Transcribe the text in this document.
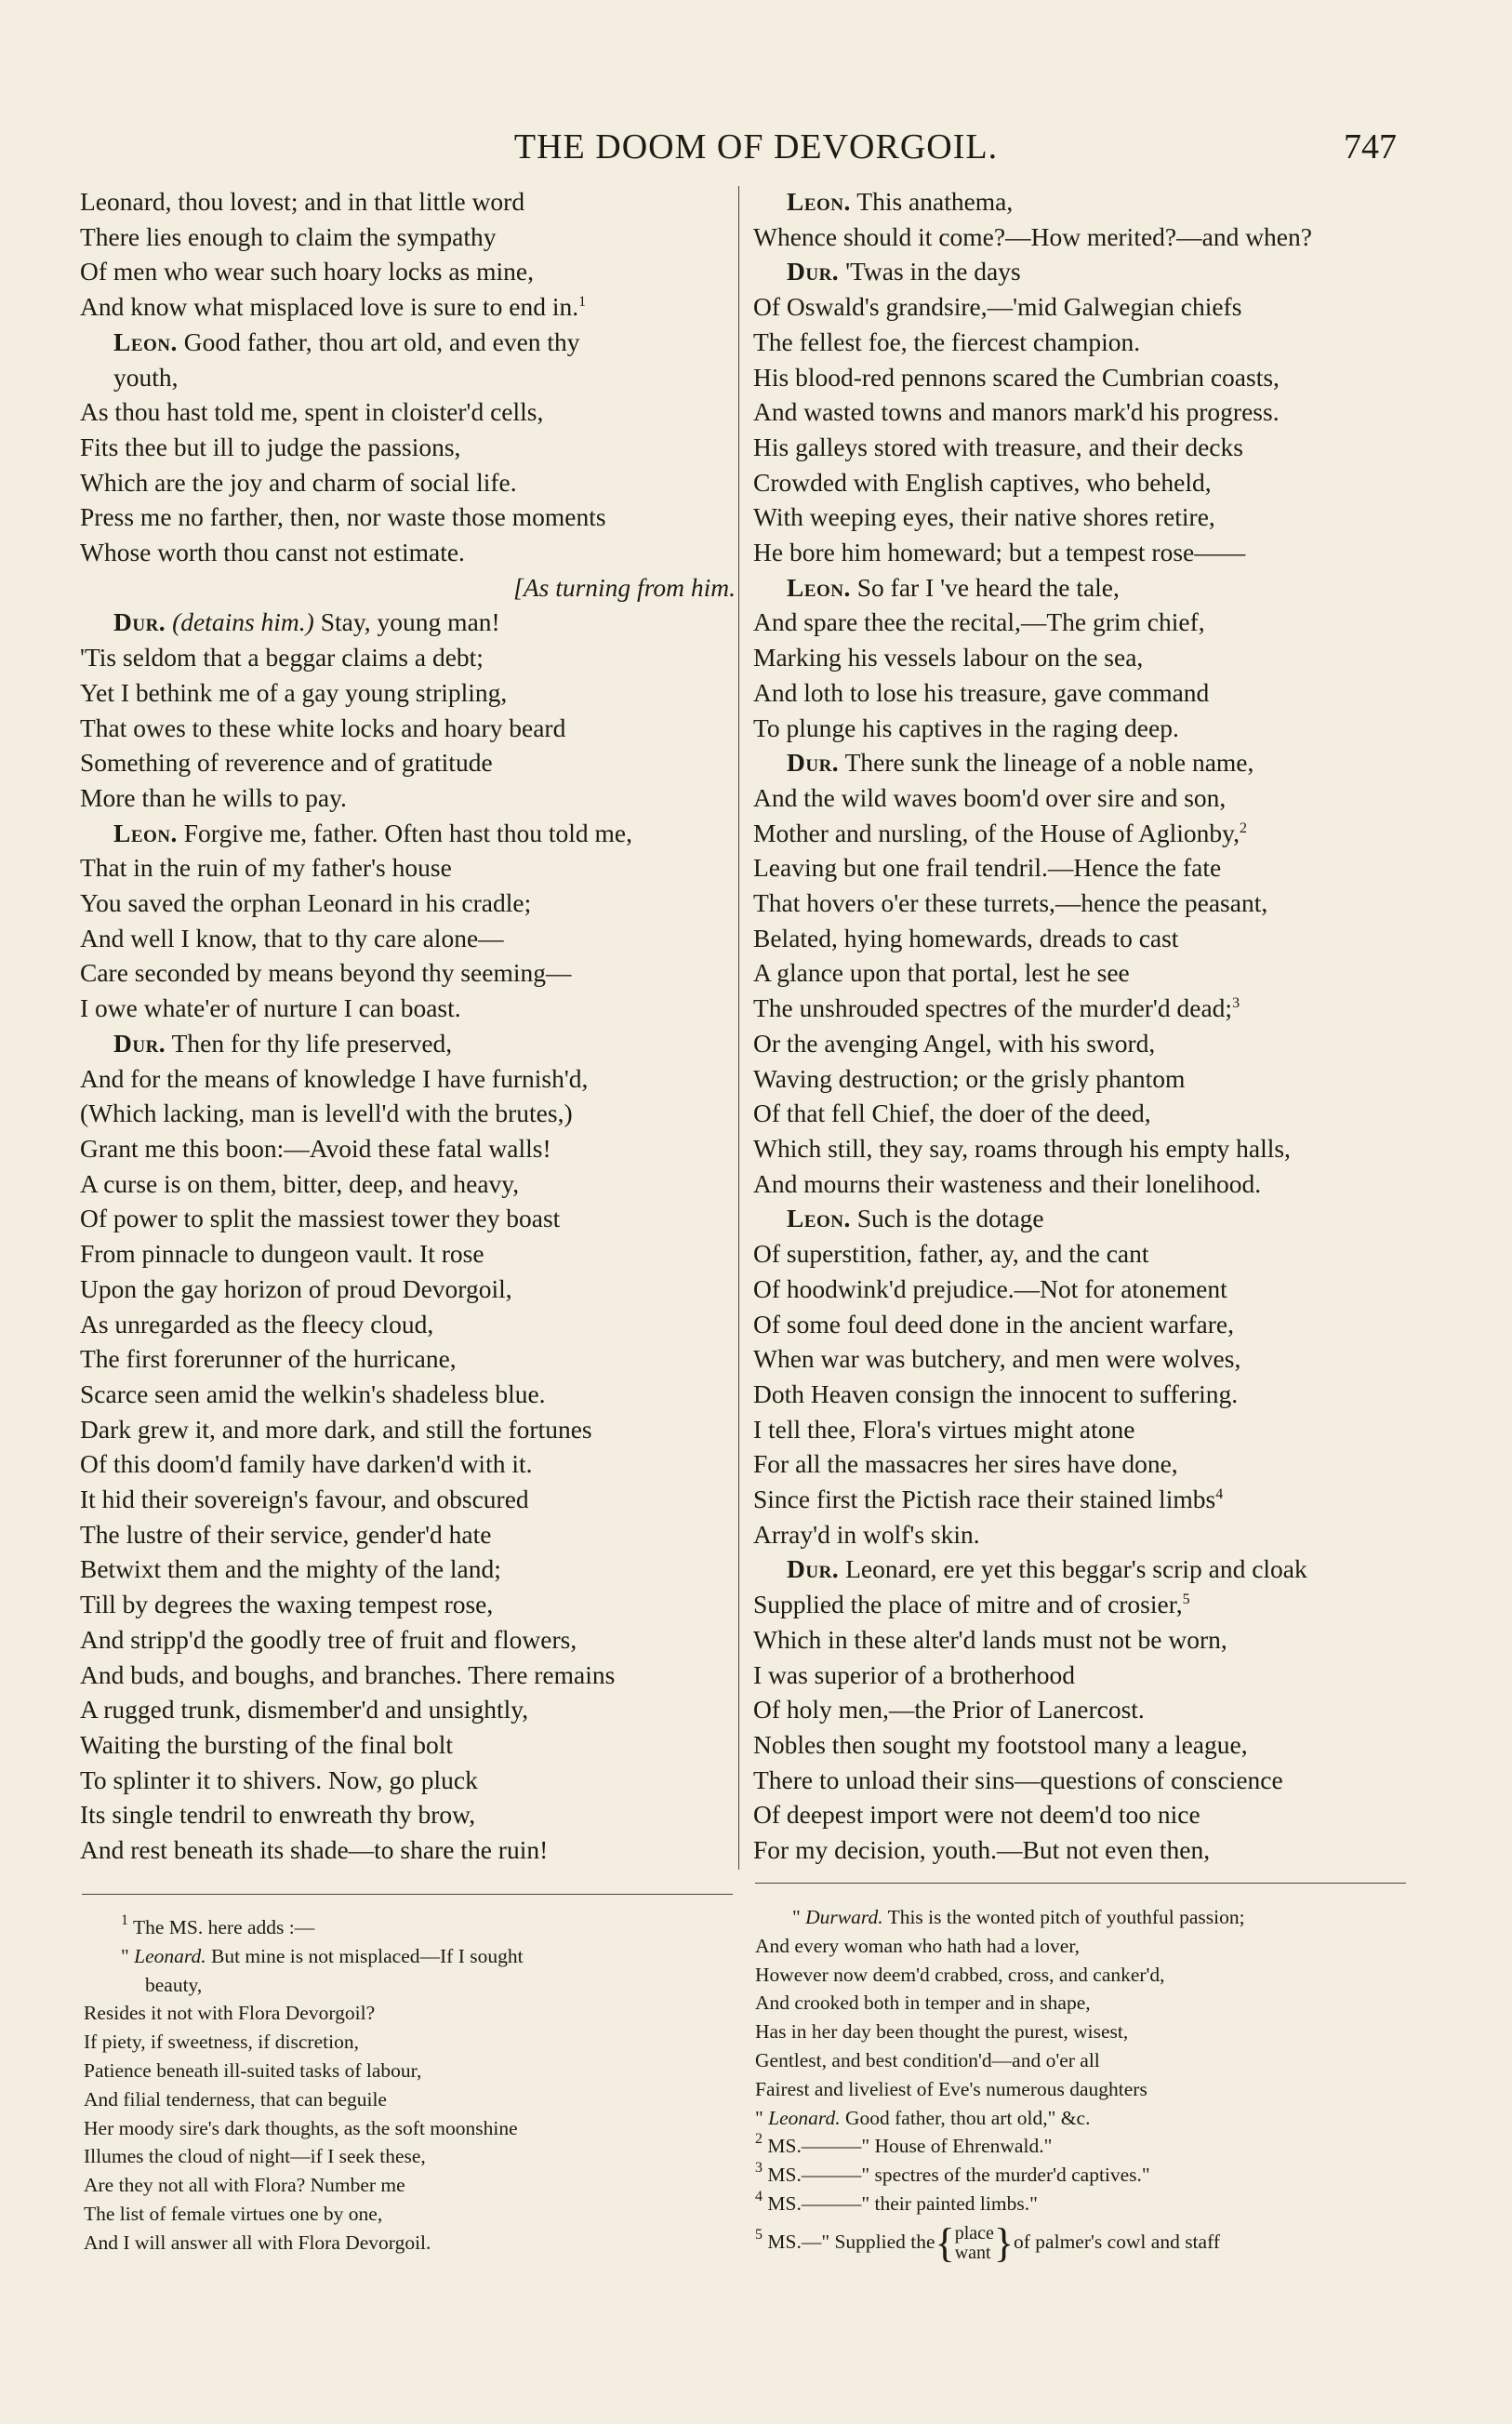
THE DOOM OF DEVORGOIL.	747
Leonard, thou lovest; and in that little word
There lies enough to claim the sympathy
Of men who wear such hoary locks as mine,
And know what misplaced love is sure to end in.$^1$
Leon. Good father, thou art old, and even thy
youth,
As thou hast told me, spent in cloister'd cells,
Fits thee but ill to judge the passions,
Which are the joy and charm of social life.
Press me no farther, then, nor waste those moments
Whose worth thou canst not estimate.
[As turning from him.
Dur. (detains him.) Stay, young man!
'Tis seldom that a beggar claims a debt;
Yet I bethink me of a gay young stripling,
That owes to these white locks and hoary beard
Something of reverence and of gratitude
More than he wills to pay.
Leon. Forgive me, father. Often hast thou told me,
That in the ruin of my father's house
You saved the orphan Leonard in his cradle;
And well I know, that to thy care alone—
Care seconded by means beyond thy seeming—
I owe whate'er of nurture I can boast.
Dur. Then for thy life preserved,
And for the means of knowledge I have furnish'd,
(Which lacking, man is levell'd with the brutes,)
Grant me this boon:—Avoid these fatal walls!
A curse is on them, bitter, deep, and heavy,
Of power to split the massiest tower they boast
From pinnacle to dungeon vault. It rose
Upon the gay horizon of proud Devorgoil,
As unregarded as the fleecy cloud,
The first forerunner of the hurricane,
Scarce seen amid the welkin's shadeless blue.
Dark grew it, and more dark, and still the fortunes
Of this doom'd family have darken'd with it.
It hid their sovereign's favour, and obscured
The lustre of their service, gender'd hate
Betwixt them and the mighty of the land;
Till by degrees the waxing tempest rose,
And stripp'd the goodly tree of fruit and flowers,
And buds, and boughs, and branches. There remains
A rugged trunk, dismember'd and unsightly,
Waiting the bursting of the final bolt
To splinter it to shivers. Now, go pluck
Its single tendril to enwreath thy brow,
And rest beneath its shade—to share the ruin!
Leon. This anathema,
Whence should it come?—How merited?—and when?
Dur. 'Twas in the days
Of Oswald's grandsire,—'mid Galwegian chiefs
The fellest foe, the fiercest champion.
His blood-red pennons scared the Cumbrian coasts,
And wasted towns and manors mark'd his progress.
His galleys stored with treasure, and their decks
Crowded with English captives, who beheld,
With weeping eyes, their native shores retire,
He bore him homeward; but a tempest rose——
Leon. So far I 've heard the tale,
And spare thee the recital,—The grim chief,
Marking his vessels labour on the sea,
And loth to lose his treasure, gave command
To plunge his captives in the raging deep.
Dur. There sunk the lineage of a noble name,
And the wild waves boom'd over sire and son,
Mother and nursling, of the House of Aglionby,$^2$
Leaving but one frail tendril.—Hence the fate
That hovers o'er these turrets,—hence the peasant,
Belated, hying homewards, dreads to cast
A glance upon that portal, lest he see
The unshrouded spectres of the murder'd dead;$^3$
Or the avenging Angel, with his sword,
Waving destruction; or the grisly phantom
Of that fell Chief, the doer of the deed,
Which still, they say, roams through his empty halls,
And mourns their wasteness and their lonelihood.
Leon. Such is the dotage
Of superstition, father, ay, and the cant
Of hoodwink'd prejudice.—Not for atonement
Of some foul deed done in the ancient warfare,
When war was butchery, and men were wolves,
Doth Heaven consign the innocent to suffering.
I tell thee, Flora's virtues might atone
For all the massacres her sires have done,
Since first the Pictish race their stained limbs$^4$
Array'd in wolf's skin.
Dur. Leonard, ere yet this beggar's scrip and cloak
Supplied the place of mitre and of crosier,$^5$
Which in these alter'd lands must not be worn,
I was superior of a brotherhood
Of holy men,—the Prior of Lanercost.
Nobles then sought my footstool many a league,
There to unload their sins—questions of conscience
Of deepest import were not deem'd too nice
For my decision, youth.—But not even then,
$^1$ The MS. here adds :—
" Leonard. But mine is not misplaced—If I sought
beauty,
Resides it not with Flora Devorgoil?
If piety, if sweetness, if discretion,
Patience beneath ill-suited tasks of labour,
And filial tenderness, that can beguile
Her moody sire's dark thoughts, as the soft moonshine
Illumes the cloud of night—if I seek these,
Are they not all with Flora? Number me
The list of female virtues one by one,
And I will answer all with Flora Devorgoil.
" Durward. This is the wonted pitch of youthful passion;
And every woman who hath had a lover,
However now deem'd crabbed, cross, and canker'd,
And crooked both in temper and in shape,
Has in her day been thought the purest, wisest,
Gentlest, and best condition'd—and o'er all
Fairest and liveliest of Eve's numerous daughters
" Leonard. Good father, thou art old," &c.
$^2$ MS.———" House of Ehrenwald."
$^3$ MS.———" spectres of the murder'd captives."
$^4$ MS.———" their painted limbs."
$^5$ MS.—" Supplied the{ place
want }of palmer's cowl and staff
